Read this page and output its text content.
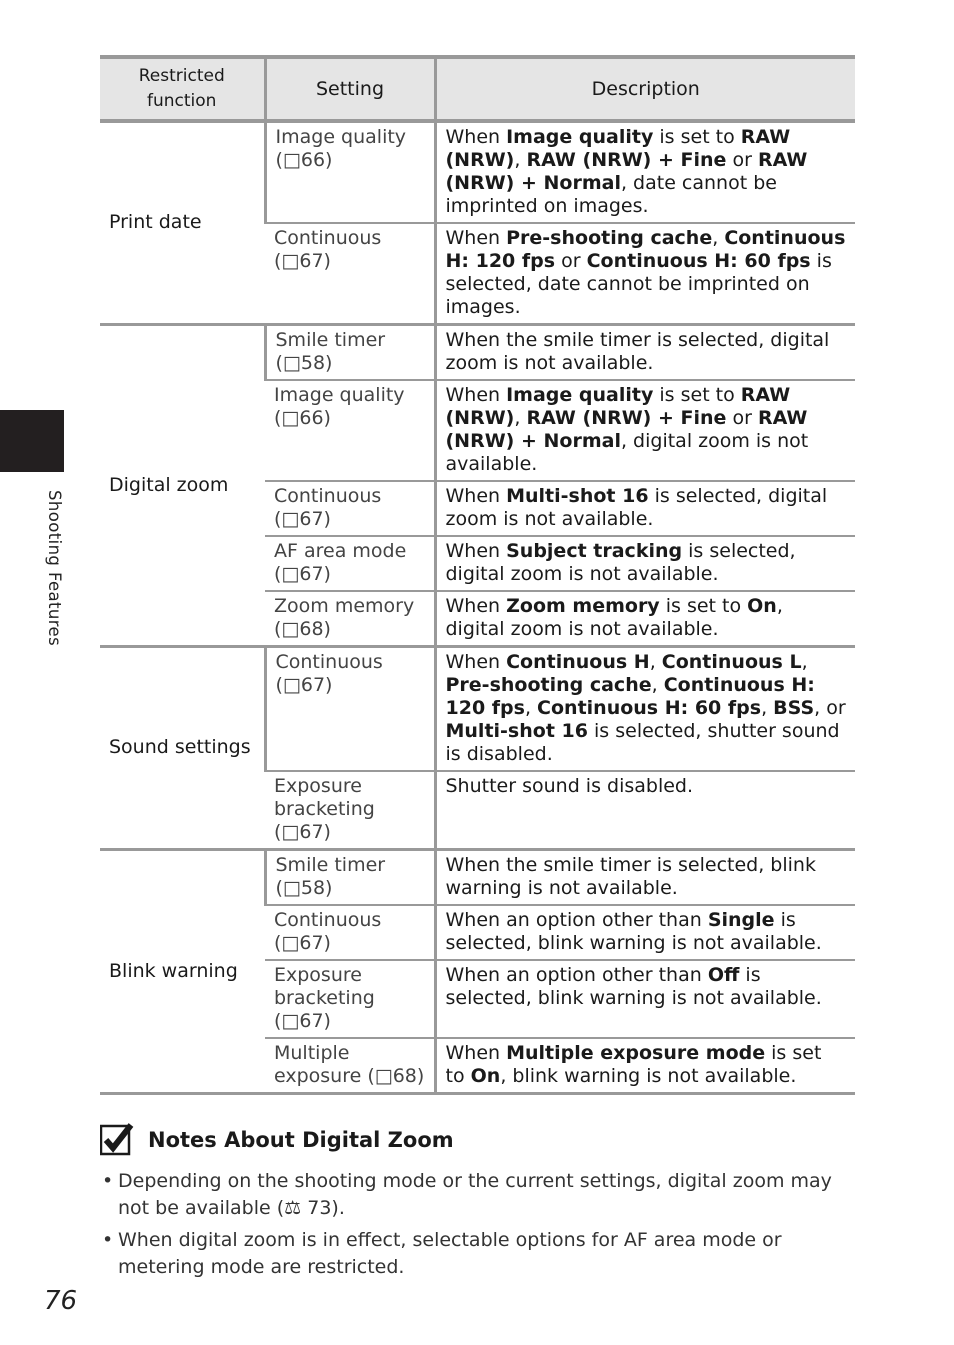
Shooting Features
Restricted function	Setting	Description
Print date	Image quality (□66)	When Image quality is set to RAW (NRW), RAW (NRW) + Fine or RAW (NRW) + Normal, date cannot be imprinted on images.
	Continuous (□67)	When Pre-shooting cache, Continuous H: 120 fps or Continuous H: 60 fps is selected, date cannot be imprinted on images.
Digital zoom	Smile timer (□58)	When the smile timer is selected, digital zoom is not available.
	Image quality (□66)	When Image quality is set to RAW (NRW), RAW (NRW) + Fine or RAW (NRW) + Normal, digital zoom is not available.
	Continuous (□67)	When Multi-shot 16 is selected, digital zoom is not available.
	AF area mode (□67)	When Subject tracking is selected, digital zoom is not available.
	Zoom memory (□68)	When Zoom memory is set to On, digital zoom is not available.
Sound settings	Continuous (□67)	When Continuous H, Continuous L, Pre-shooting cache, Continuous H: 120 fps, Continuous H: 60 fps, BSS, or Multi-shot 16 is selected, shutter sound is disabled.
	Exposure bracketing (□67)	Shutter sound is disabled.
Blink warning	Smile timer (□58)	When the smile timer is selected, blink warning is not available.
	Continuous (□67)	When an option other than Single is selected, blink warning is not available.
	Exposure bracketing (□67)	When an option other than Off is selected, blink warning is not available.
	Multiple exposure (□68)	When Multiple exposure mode is set to On, blink warning is not available.
Notes About Digital Zoom
• Depending on the shooting mode or the current settings, digital zoom may not be available (⚖ 73).
• When digital zoom is in effect, selectable options for AF area mode or metering mode are restricted.
76
